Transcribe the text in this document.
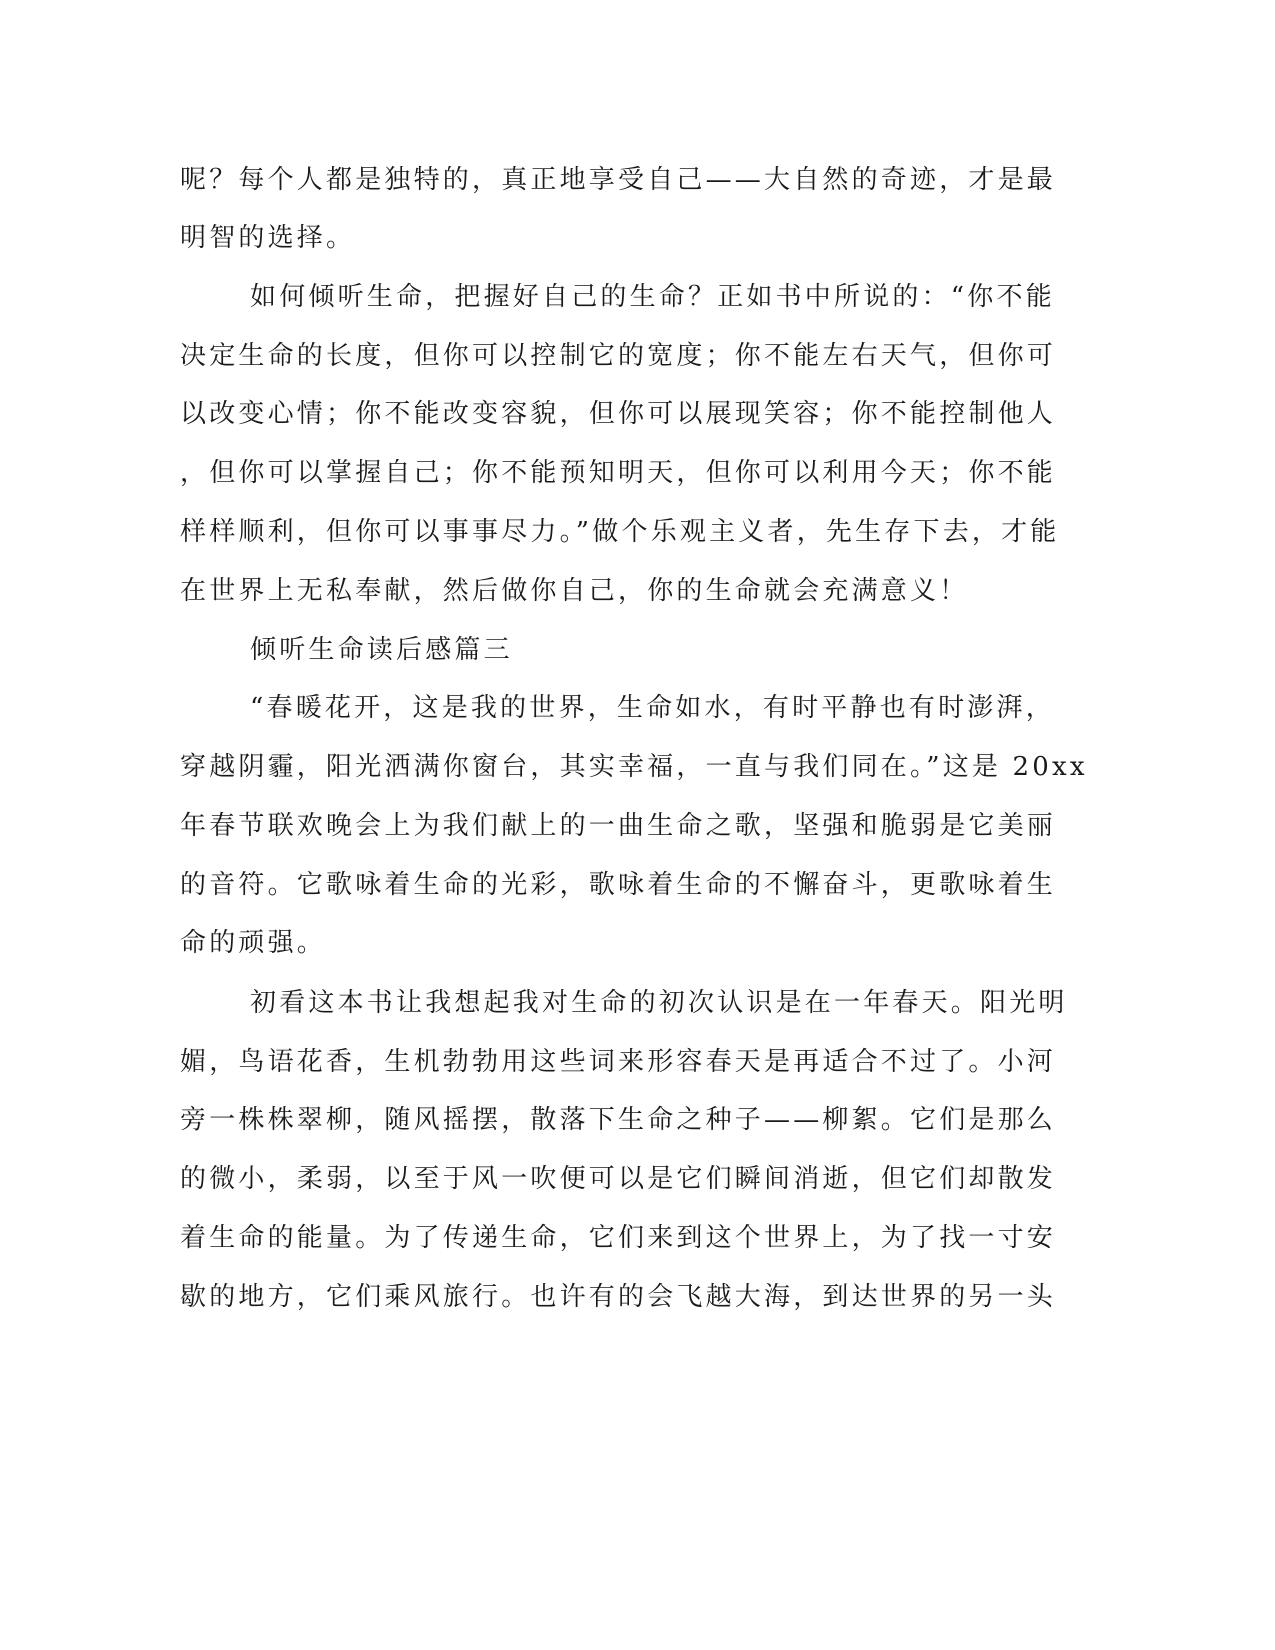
呢？每个人都是独特的，真正地享受自己——大自然的奇迹，才是最
明智的选择。
如何倾听生命，把握好自己的生命？正如书中所说的：“你不能
决定生命的长度，但你可以控制它的宽度；你不能左右天气，但你可
以改变心情；你不能改变容貌，但你可以展现笑容；你不能控制他人
，但你可以掌握自己；你不能预知明天，但你可以利用今天；你不能
样样顺利，但你可以事事尽力。”做个乐观主义者，先生存下去，才能
在世界上无私奉献，然后做你自己，你的生命就会充满意义！
倾听生命读后感篇三
“春暖花开，这是我的世界，生命如水，有时平静也有时澎湃，
穿越阴霾，阳光洒满你窗台，其实幸福，一直与我们同在。”这是 20xx
年春节联欢晚会上为我们献上的一曲生命之歌，坚强和脆弱是它美丽
的音符。它歌咏着生命的光彩，歌咏着生命的不懈奋斗，更歌咏着生
命的顽强。
初看这本书让我想起我对生命的初次认识是在一年春天。阳光明
媚，鸟语花香，生机勃勃用这些词来形容春天是再适合不过了。小河
旁一株株翠柳，随风摇摆，散落下生命之种子——柳絮。它们是那么
的微小，柔弱，以至于风一吹便可以是它们瞬间消逝，但它们却散发
着生命的能量。为了传递生命，它们来到这个世界上，为了找一寸安
歇的地方，它们乘风旅行。也许有的会飞越大海，到达世界的另一头
